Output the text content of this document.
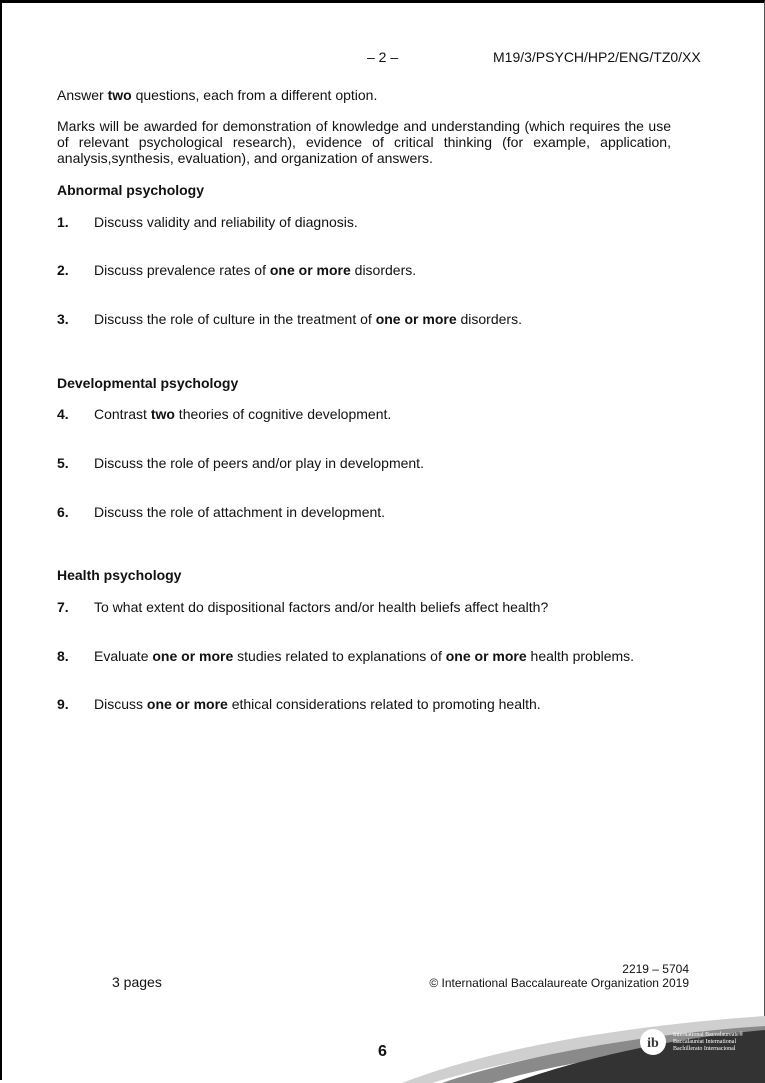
– 2 –	M19/3/PSYCH/HP2/ENG/TZ0/XX
Answer two questions, each from a different option.
Marks will be awarded for demonstration of knowledge and understanding (which requires the use of relevant psychological research), evidence of critical thinking (for example, application, analysis,synthesis, evaluation), and organization of answers.
Abnormal psychology
1. Discuss validity and reliability of diagnosis.
2. Discuss prevalence rates of one or more disorders.
3. Discuss the role of culture in the treatment of one or more disorders.
Developmental psychology
4. Contrast two theories of cognitive development.
5. Discuss the role of peers and/or play in development.
6. Discuss the role of attachment in development.
Health psychology
7. To what extent do dispositional factors and/or health beliefs affect health?
8. Evaluate one or more studies related to explanations of one or more health problems.
9. Discuss one or more ethical considerations related to promoting health.
3 pages
2219 – 5704
© International Baccalaureate Organization 2019
ib
International Baccalaureate®
Baccalauréat International
Bachillerato Internacional
6
